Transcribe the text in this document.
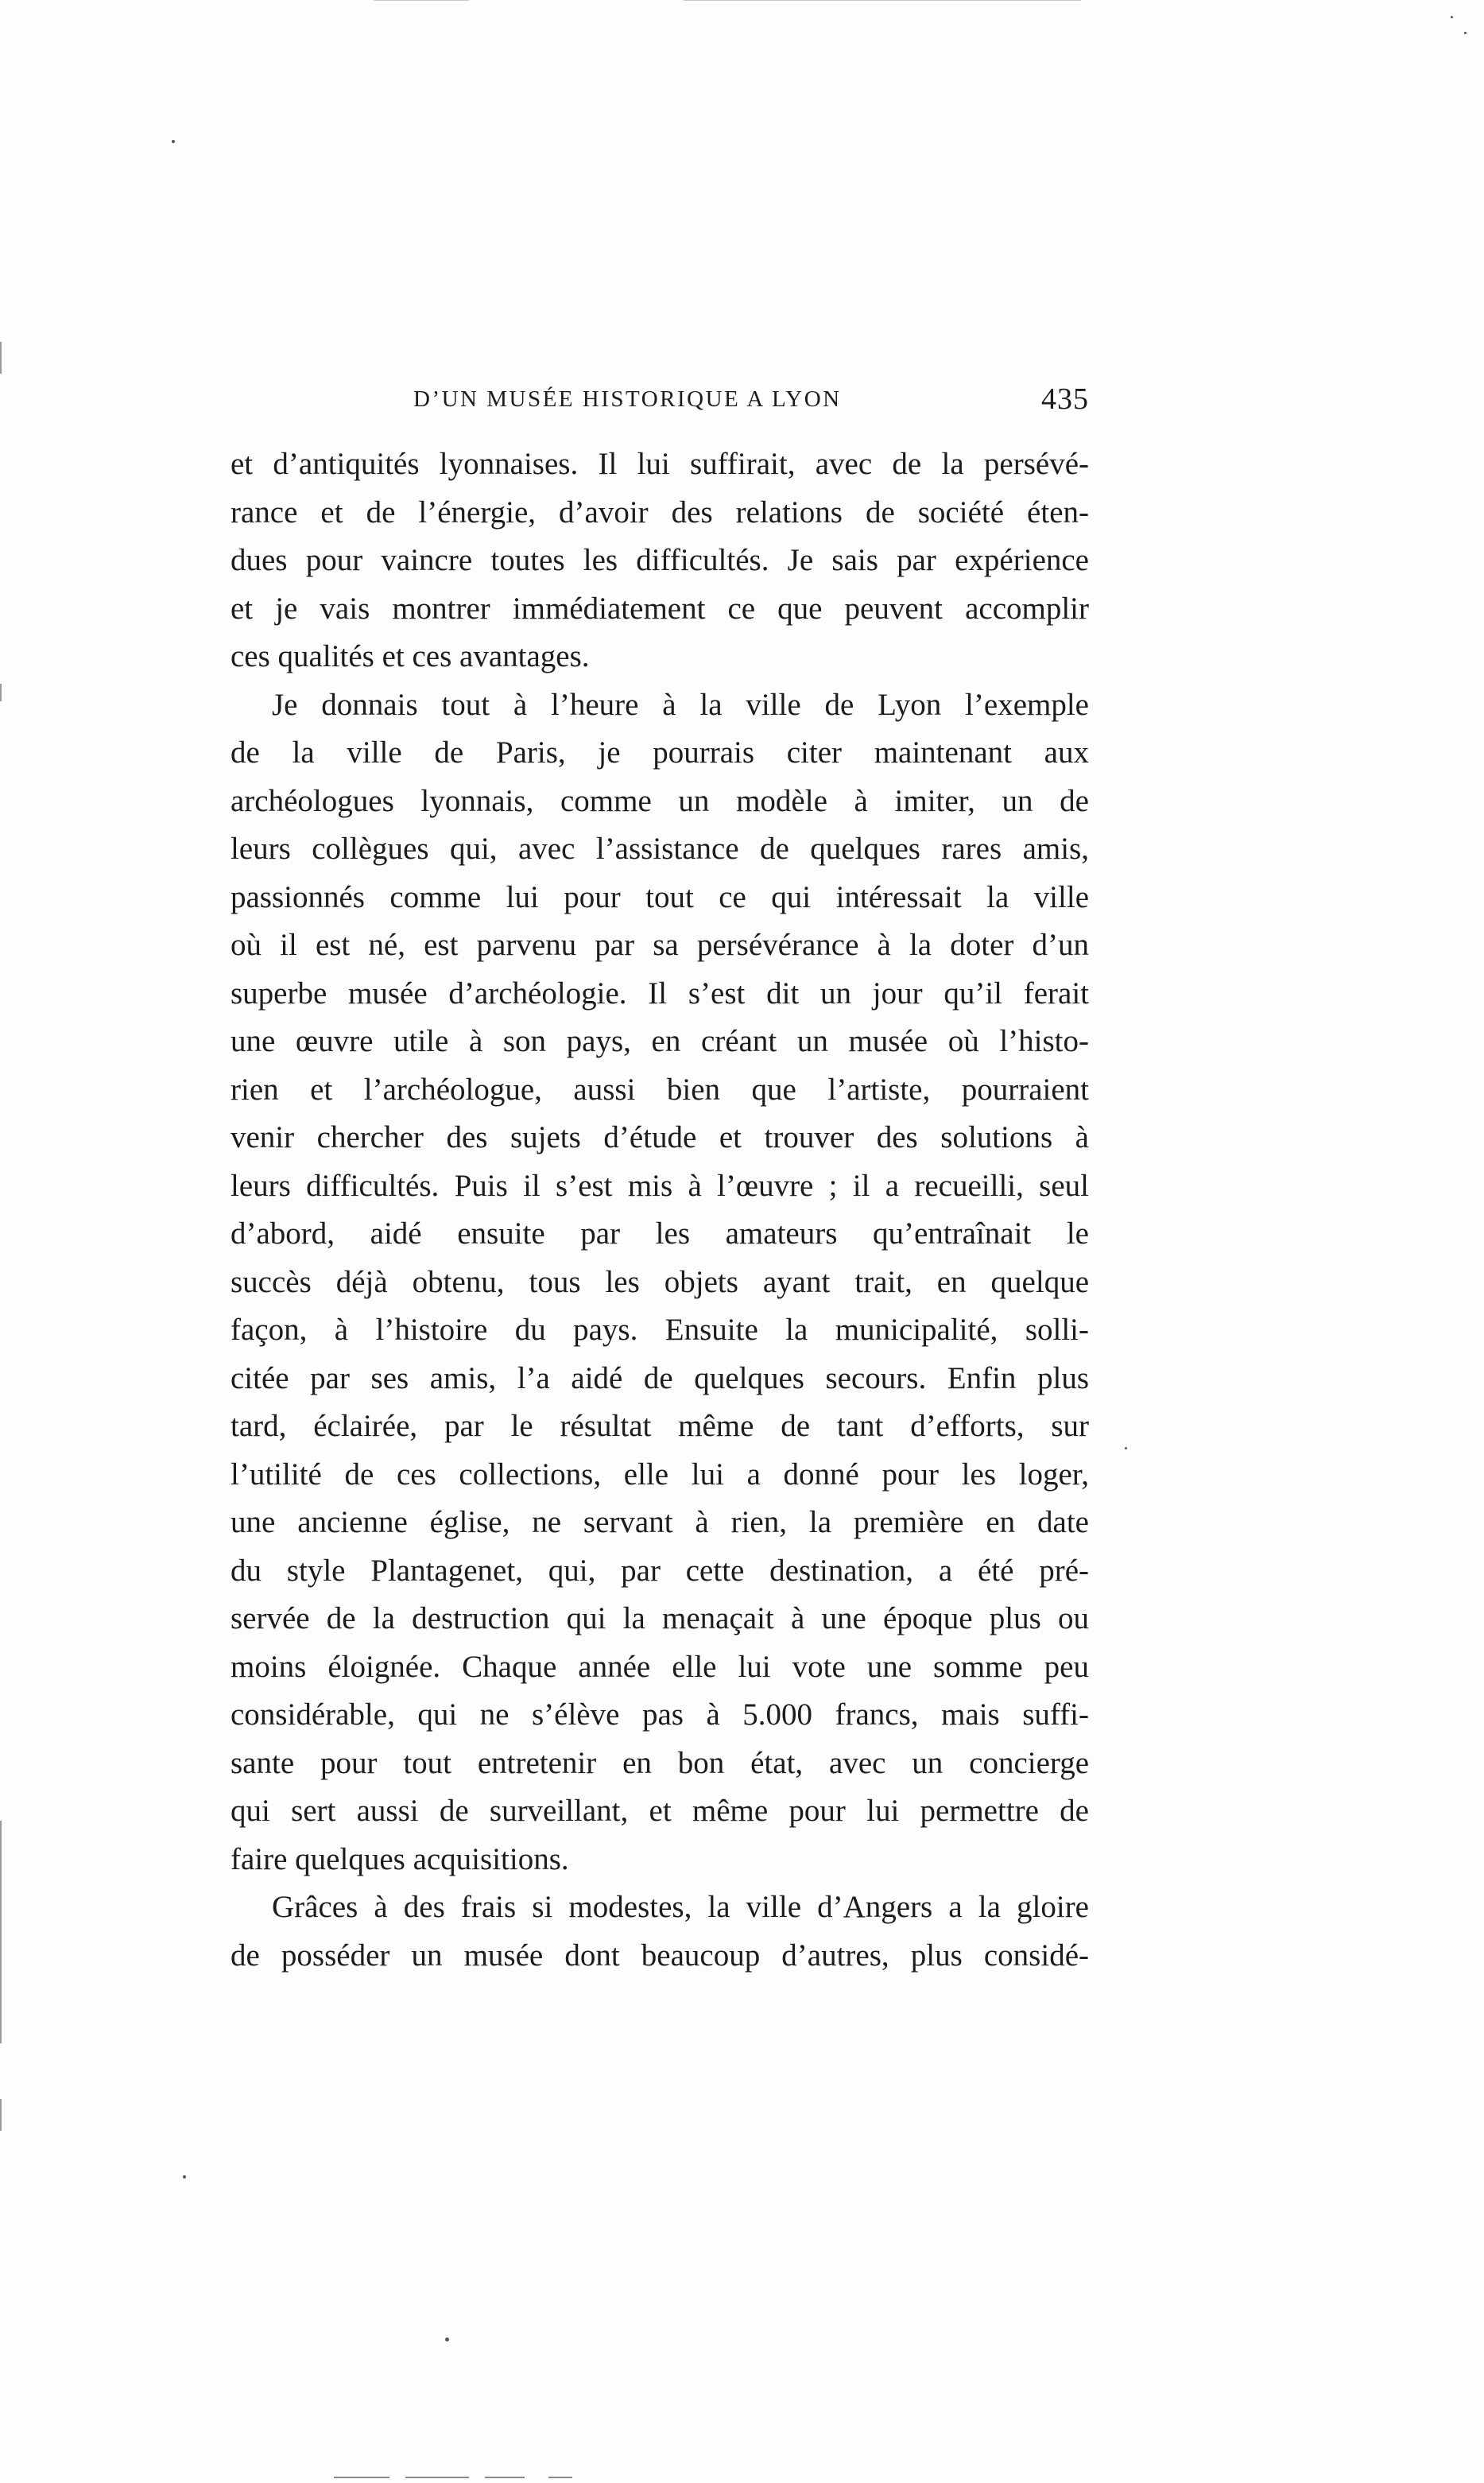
D’UN MUSÉE HISTORIQUE A LYON	435
et d’antiquités lyonnaises. Il lui suffirait, avec de la persévé-
rance et de l’énergie, d’avoir des relations de société éten-
dues pour vaincre toutes les difficultés. Je sais par expérience
et je vais montrer immédiatement ce que peuvent accomplir
ces qualités et ces avantages.
Je donnais tout à l’heure à la ville de Lyon l’exemple
de la ville de Paris, je pourrais citer maintenant aux
archéologues lyonnais, comme un modèle à imiter, un de
leurs collègues qui, avec l’assistance de quelques rares amis,
passionnés comme lui pour tout ce qui intéressait la ville
où il est né, est parvenu par sa persévérance à la doter d’un
superbe musée d’archéologie. Il s’est dit un jour qu’il ferait
une œuvre utile à son pays, en créant un musée où l’histo-
rien et l’archéologue, aussi bien que l’artiste, pourraient
venir chercher des sujets d’étude et trouver des solutions à
leurs difficultés. Puis il s’est mis à l’œuvre ; il a recueilli, seul
d’abord, aidé ensuite par les amateurs qu’entraînait le
succès déjà obtenu, tous les objets ayant trait, en quelque
façon, à l’histoire du pays. Ensuite la municipalité, solli-
citée par ses amis, l’a aidé de quelques secours. Enfin plus
tard, éclairée, par le résultat même de tant d’efforts, sur
l’utilité de ces collections, elle lui a donné pour les loger,
une ancienne église, ne servant à rien, la première en date
du style Plantagenet, qui, par cette destination, a été pré-
servée de la destruction qui la menaçait à une époque plus ou
moins éloignée. Chaque année elle lui vote une somme peu
considérable, qui ne s’élève pas à 5.000 francs, mais suffi-
sante pour tout entretenir en bon état, avec un concierge
qui sert aussi de surveillant, et même pour lui permettre de
faire quelques acquisitions.
Grâces à des frais si modestes, la ville d’Angers a la gloire
de posséder un musée dont beaucoup d’autres, plus considé-
